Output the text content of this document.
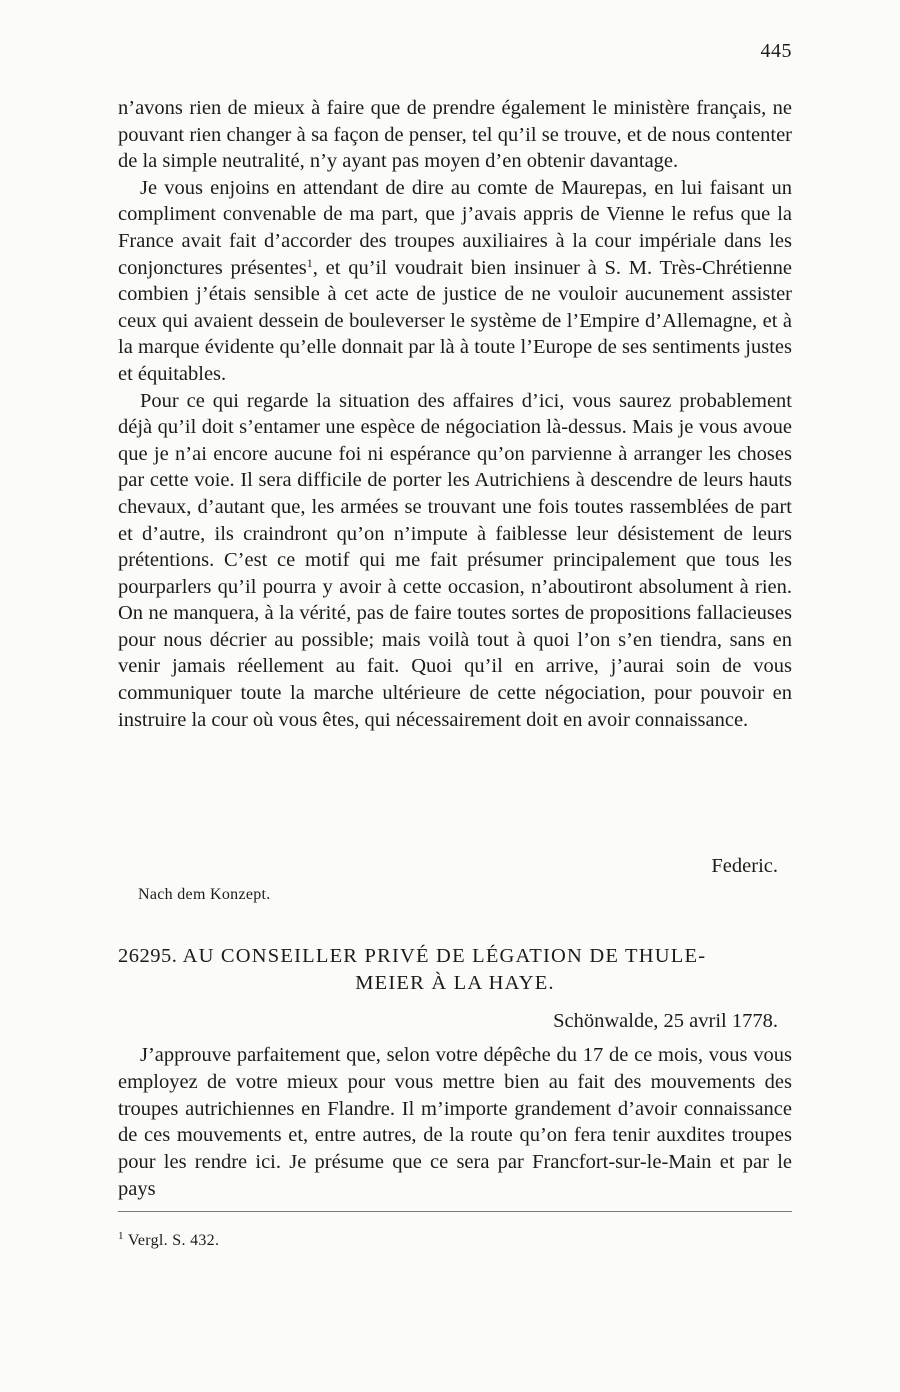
445

n’avons rien de mieux à faire que de prendre également le ministère français, ne pouvant rien changer à sa façon de penser, tel qu’il se trouve, et de nous contenter de la simple neutralité, n’y ayant pas moyen d’en obtenir davantage.

Je vous enjoins en attendant de dire au comte de Maurepas, en lui faisant un compliment convenable de ma part, que j’avais appris de Vienne le refus que la France avait fait d’accorder des troupes auxiliaires à la cour impériale dans les conjonctures présentes$^1$, et qu’il voudrait bien insinuer à S. M. Très-Chrétienne combien j’étais sensible à cet acte de justice de ne vouloir aucunement assister ceux qui avaient dessein de bouleverser le système de l’Empire d’Allemagne, et à la marque évidente qu’elle donnait par là à toute l’Europe de ses sentiments justes et équitables.

Pour ce qui regarde la situation des affaires d’ici, vous saurez probablement déjà qu’il doit s’entamer une espèce de négociation là-dessus. Mais je vous avoue que je n’ai encore aucune foi ni espérance qu’on parvienne à arranger les choses par cette voie. Il sera difficile de porter les Autrichiens à descendre de leurs hauts chevaux, d’autant que, les armées se trouvant une fois toutes rassemblées de part et d’autre, ils craindront qu’on n’impute à faiblesse leur désistement de leurs prétentions. C’est ce motif qui me fait présumer principalement que tous les pourparlers qu’il pourra y avoir à cette occasion, n’aboutiront absolument à rien. On ne manquera, à la vérité, pas de faire toutes sortes de propositions fallacieuses pour nous décrier au possible; mais voilà tout à quoi l’on s’en tiendra, sans en venir jamais réellement au fait. Quoi qu’il en arrive, j’aurai soin de vous communiquer toute la marche ultérieure de cette négociation, pour pouvoir en instruire la cour où vous êtes, qui nécessairement doit en avoir connaissance.

Federic.
Nach dem Konzept.
26295. AU CONSEILLER PRIVÉ DE LÉGATION DE THULE-
MEIER À LA HAYE.
Schönwalde, 25 avril 1778.

J’approuve parfaitement que, selon votre dépêche du 17 de ce mois, vous vous employez de votre mieux pour vous mettre bien au fait des mouvements des troupes autrichiennes en Flandre. Il m’importe grandement d’avoir connaissance de ces mouvements et, entre autres, de la route qu’on fera tenir auxdites troupes pour les rendre ici. Je présume que ce sera par Francfort-sur-le-Main et par le pays

$^1$ Vergl. S. 432.
